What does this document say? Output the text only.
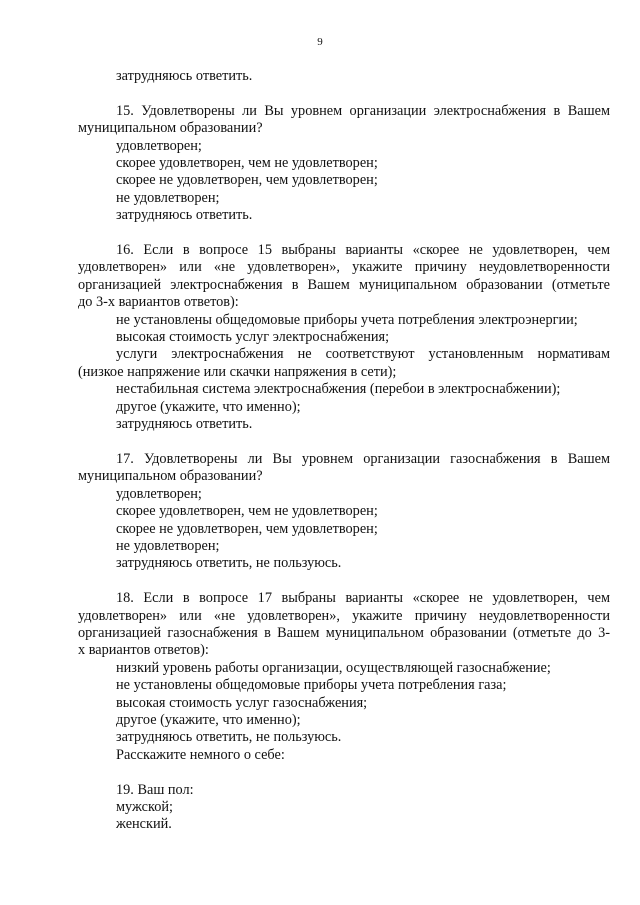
9
затрудняюсь ответить.
15. Удовлетворены ли Вы уровнем организации электроснабжения в Вашем
муниципальном образовании?
удовлетворен;
скорее удовлетворен, чем не удовлетворен;
скорее не удовлетворен, чем удовлетворен;
не удовлетворен;
затрудняюсь ответить.
16. Если в вопросе 15 выбраны варианты «скорее не удовлетворен, чем
удовлетворен» или «не удовлетворен», укажите причину неудовлетворенности
организацией электроснабжения в Вашем муниципальном образовании (отметьте
до 3-х вариантов ответов):
не установлены общедомовые приборы учета потребления электроэнергии;
высокая стоимость услуг электроснабжения;
услуги электроснабжения не соответствуют установленным нормативам
(низкое напряжение или скачки напряжения в сети);
нестабильная система электроснабжения (перебои в электроснабжении);
другое (укажите, что именно);
затрудняюсь ответить.
17. Удовлетворены ли Вы уровнем организации газоснабжения в Вашем
муниципальном образовании?
удовлетворен;
скорее удовлетворен, чем не удовлетворен;
скорее не удовлетворен, чем удовлетворен;
не удовлетворен;
затрудняюсь ответить, не пользуюсь.
18. Если в вопросе 17 выбраны варианты «скорее не удовлетворен, чем
удовлетворен» или «не удовлетворен», укажите причину неудовлетворенности
организацией газоснабжения в Вашем муниципальном образовании (отметьте до 3-
х вариантов ответов):
низкий уровень работы организации, осуществляющей газоснабжение;
не установлены общедомовые приборы учета потребления газа;
высокая стоимость услуг газоснабжения;
другое (укажите, что именно);
затрудняюсь ответить, не пользуюсь.
Расскажите немного о себе:
19. Ваш пол:
мужской;
женский.
